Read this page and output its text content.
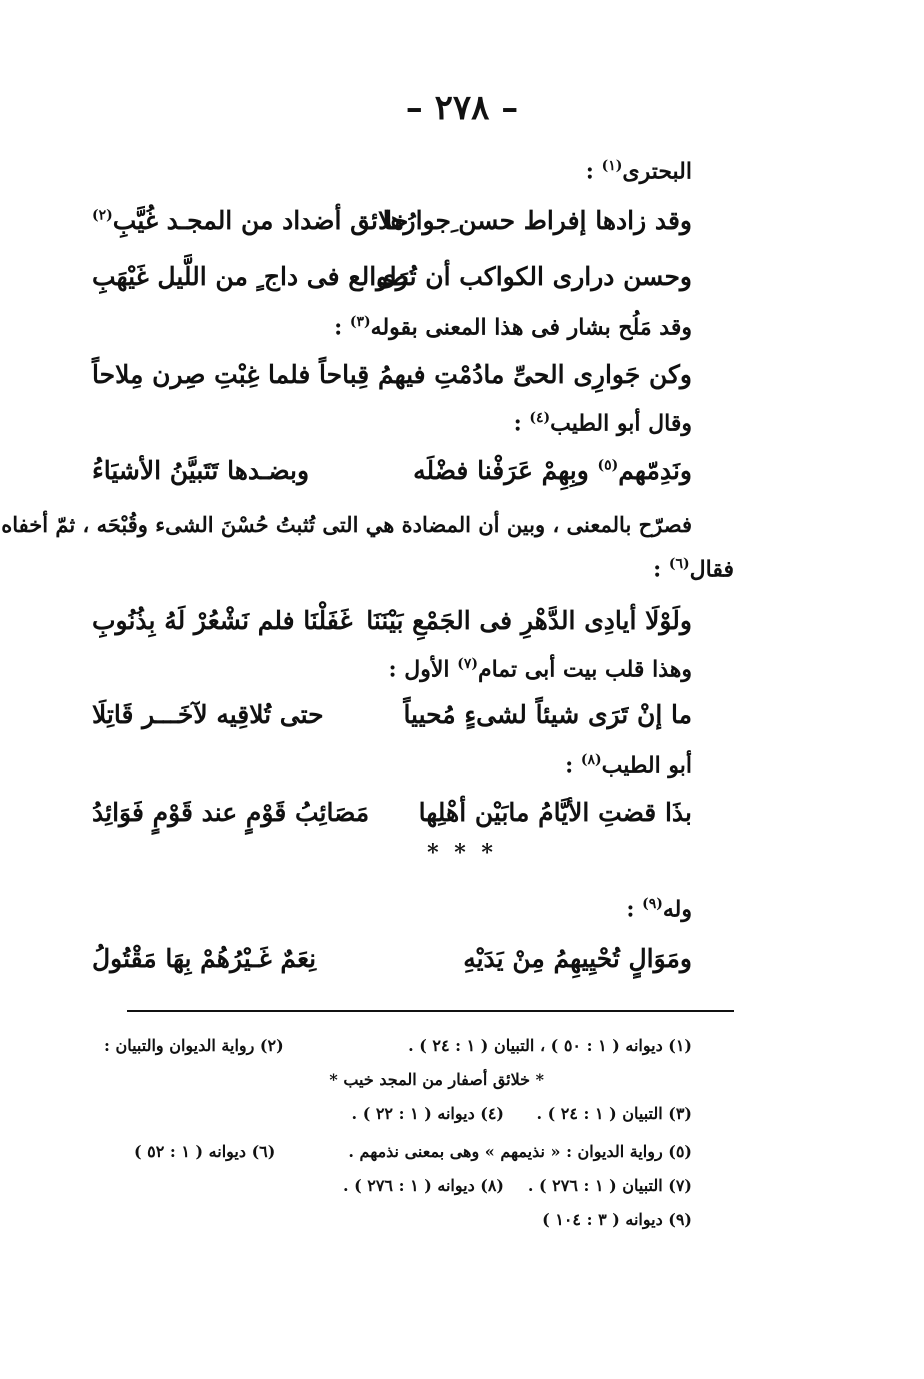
– ٢٧٨ –
البحترى$^{(١)}$ :
وقد زادها إفراط حسن ِجوارُها
خلائق أضداد من المجـد غُيَّبِ$^{(٢)}$
وحسن درارى الكواكب أن تُرَى
طوالع فى داج ٍ من اللَّيل غَيْهَبِ
وقد مَلُح بشار فى هذا المعنى بقوله$^{(٣)}$ :
وكن جَوارِى الحىِّ مادُمْتِ فيهمُ
قِباحاً فلما غِبْتِ صِرن مِلاحاً
وقال أبو الطيب$^{(٤)}$ :
ونَدِمّهم$^{(٥)}$ وبِهِمْ عَرَفْنا فضْلَه
وبضـدها تَتَبيَّنُ الأشيَاءُ
فصرّح بالمعنى ، وبين أن المضادة هي التى تُثبتُ حُسْنَ الشىء وقُبْحَه ، ثمّ أخفاه
فقال$^{(٦)}$ :
ولَوْلَا أيادِى الدَّهْرِ فى الجَمْعِ بَيْنَنَا
غَفَلْنَا فلم نَشْعُرْ لَهُ بِذُنُوبِ
وهذا قلب بيت أبى تمام$^{(٧)}$ الأول :
ما إنْ تَرَى شيئاً لشىءٍ مُحيياً
حتى تُلاقِيه لآخَـــر قَاتِلَا
أبو الطيب$^{(٨)}$ :
بذَا قضتِ الأيَّامُ مابَيْن أهْلِها
مَصَائِبُ قَوْمٍ عند قَوْمٍ فَوَائِدُ
* * *
وله$^{(٩)}$ :
ومَوَالٍ تُحْيِيهِمُ مِنْ يَدَيْهِ
نِعَمٌ غَـيْرُهُمْ بِهَا مَقْتُولُ
(١) ديوانه ( ١ : ٥٠ ) ، التبيان ( ١ : ٢٤ ) .
(٢) رواية الديوان والتبيان :
* خلائق أصفار من المجد خيب *
(٣) التبيان ( ١ : ٢٤ ) .
(٤) ديوانه ( ١ : ٢٢ ) .
(٥) رواية الديوان : « نذيمهم » وهى بمعنى نذمهم .
(٦) ديوانه ( ١ : ٥٢ )
(٧) التبيان ( ١ : ٢٧٦ ) .
(٨) ديوانه ( ١ : ٢٧٦ ) .
(٩) ديوانه ( ٣ : ١٠٤ )
